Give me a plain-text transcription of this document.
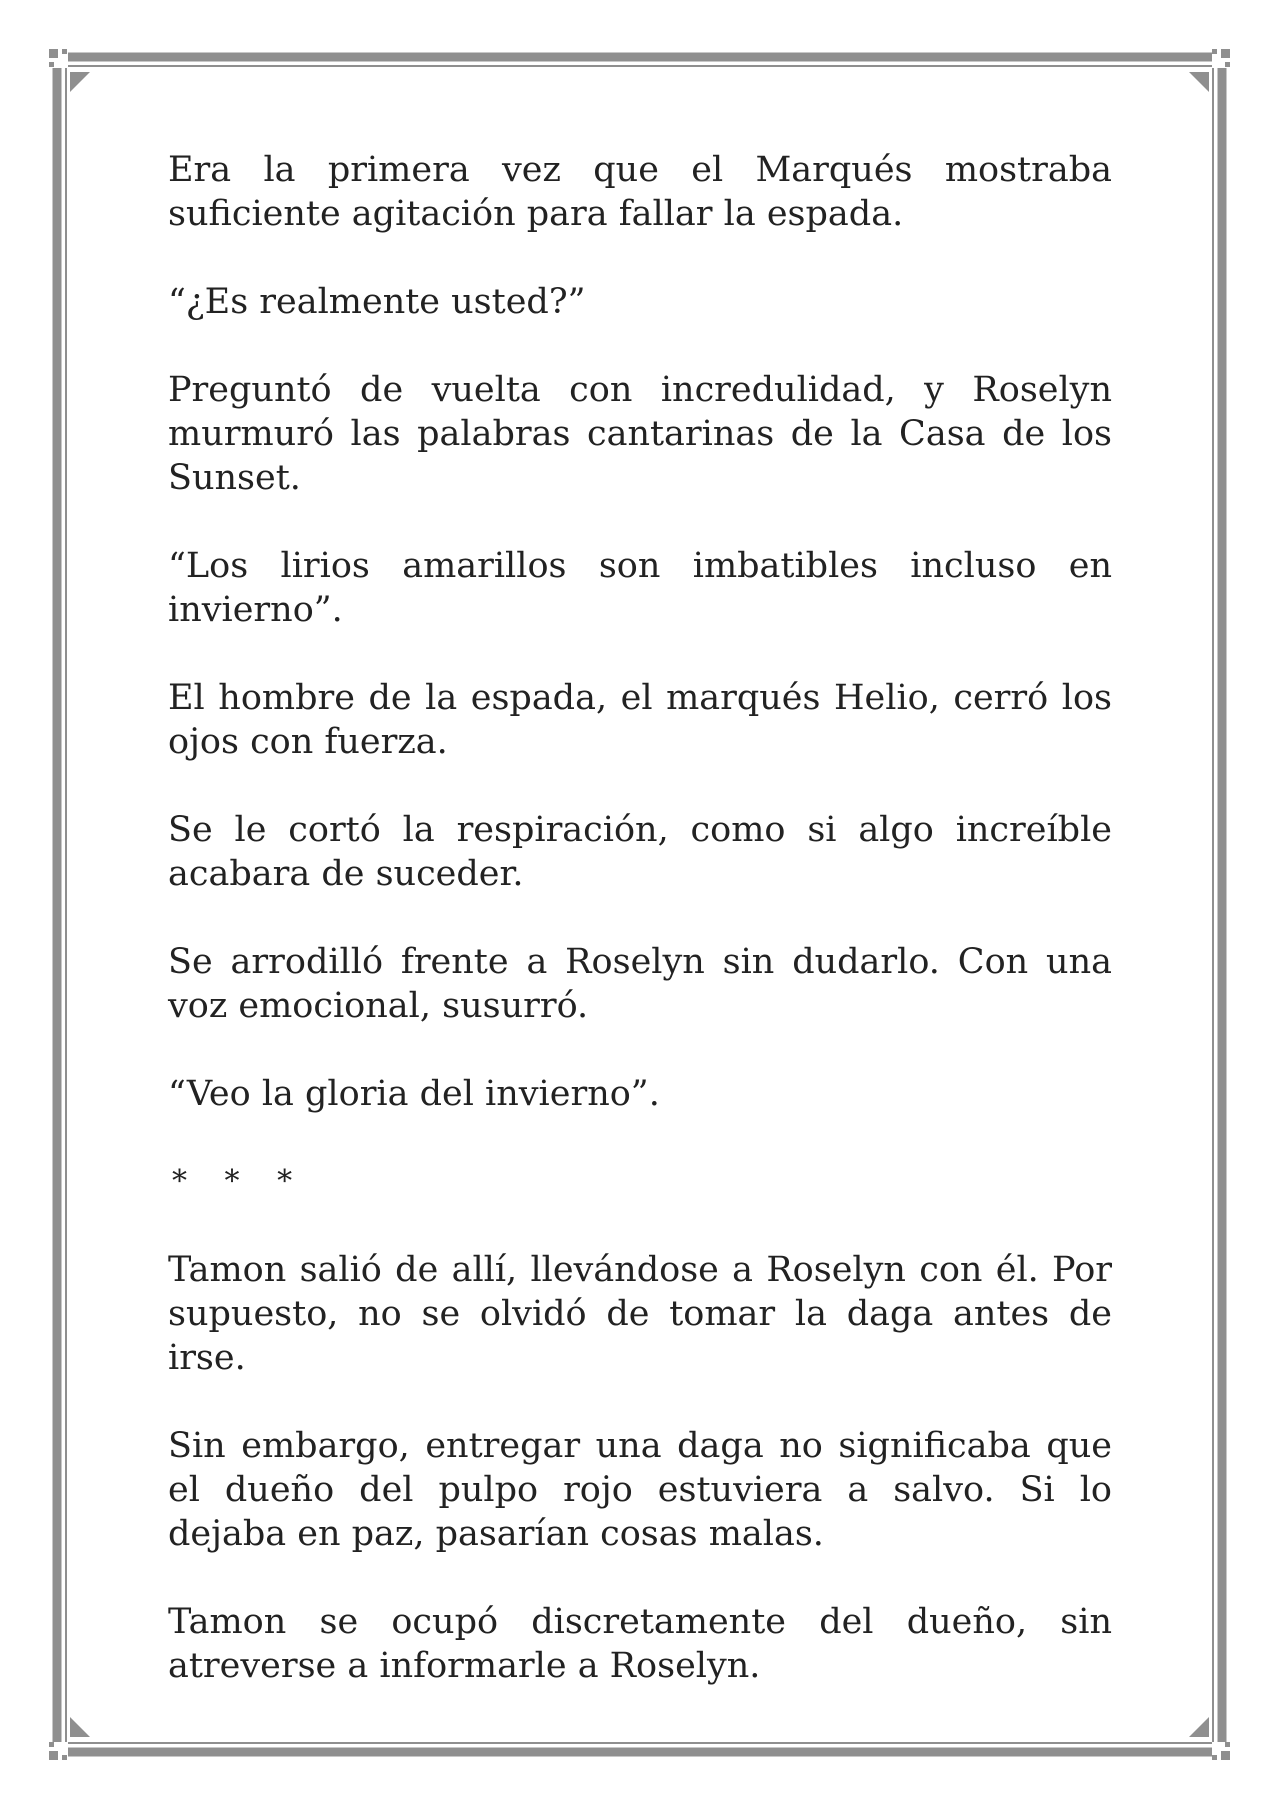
Era la primera vez que el Marqués mostraba suficiente agitación para fallar la espada.

“¿Es realmente usted?”

Preguntó de vuelta con incredulidad, y Roselyn murmuró las palabras cantarinas de la Casa de los Sunset.

“Los lirios amarillos son imbatibles incluso en invierno”.

El hombre de la espada, el marqués Helio, cerró los ojos con fuerza.

Se le cortó la respiración, como si algo increíble acabara de suceder.

Se arrodilló frente a Roselyn sin dudarlo. Con una voz emocional, susurró.

“Veo la gloria del invierno”.

* * *

Tamon salió de allí, llevándose a Roselyn con él. Por supuesto, no se olvidó de tomar la daga antes de irse.

Sin embargo, entregar una daga no significaba que el dueño del pulpo rojo estuviera a salvo. Si lo dejaba en paz, pasarían cosas malas.

Tamon se ocupó discretamente del dueño, sin atreverse a informarle a Roselyn.
